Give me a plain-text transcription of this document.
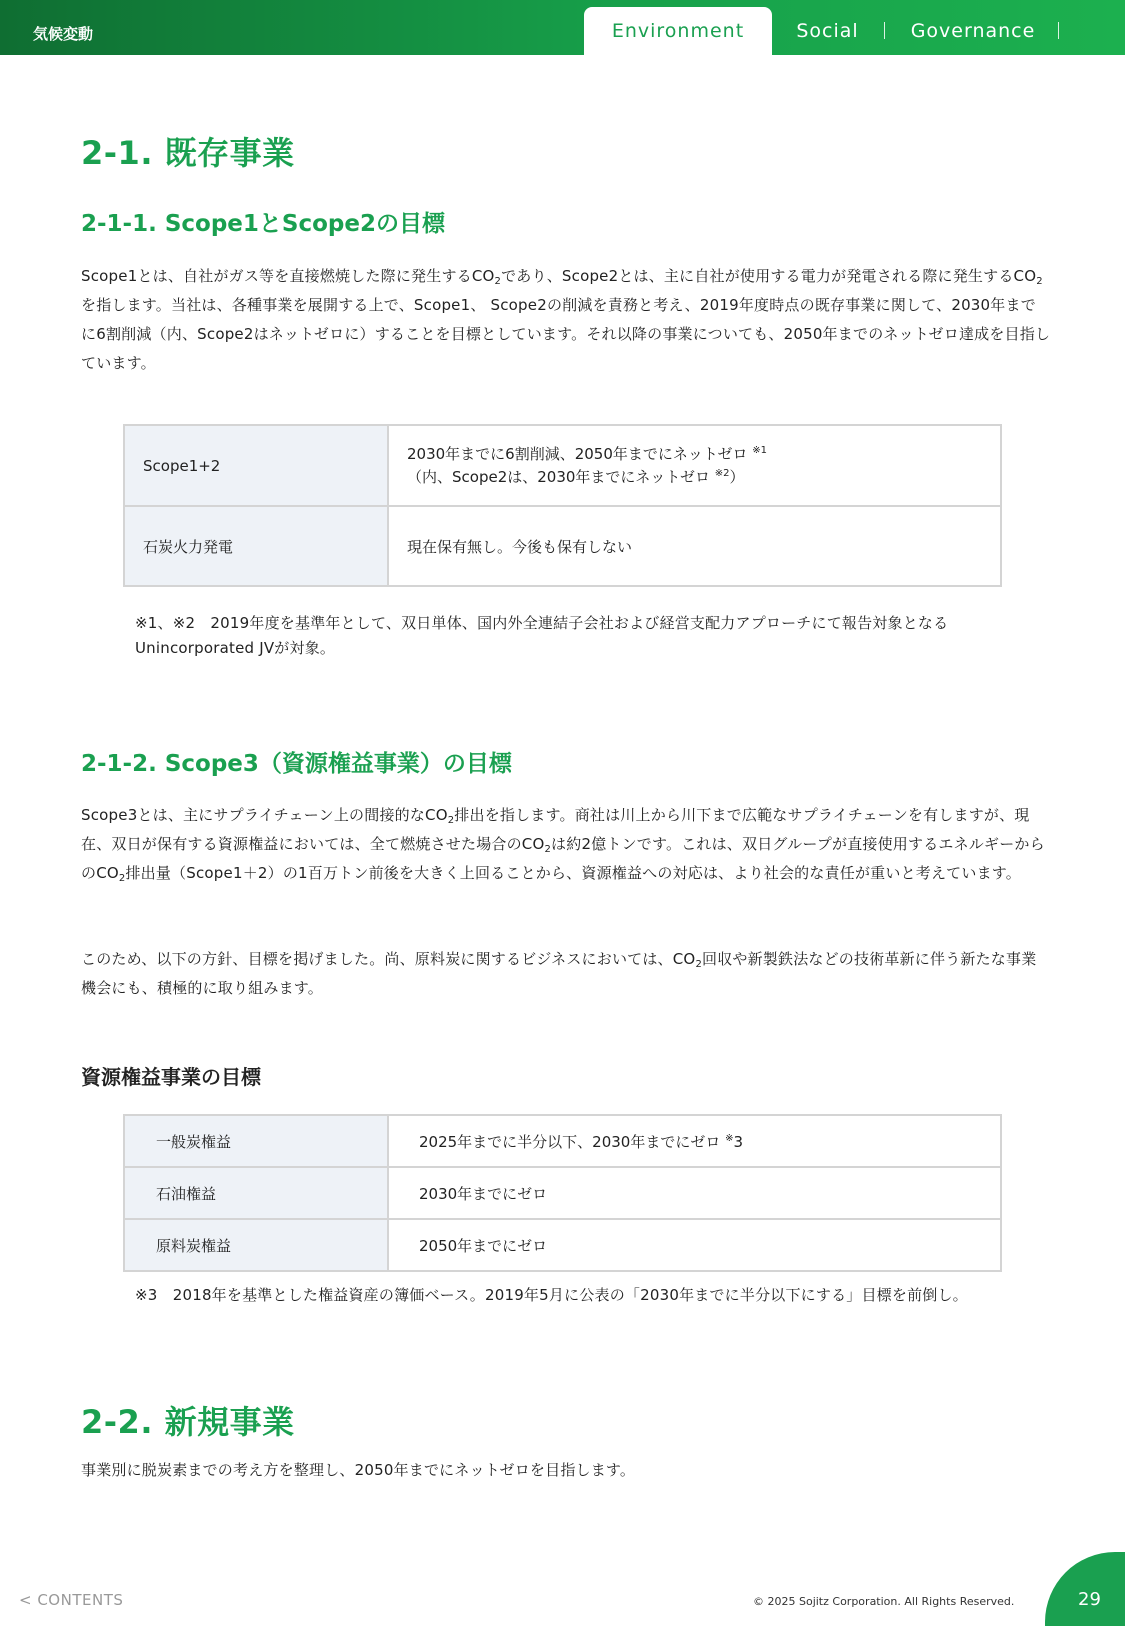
気候変動	Environment	Social	Governance
2-1. 既存事業
2-1-1. Scope1とScope2の目標
Scope1とは、自社がガス等を直接燃焼した際に発生する$CO_2$であり、Scope2とは、主に自社が使用する電力が発電される際に発生する$CO_2$を指します。当社は、各種事業を展開する上で、Scope1、 Scope2の削減を責務と考え、2019年度時点の既存事業に関して、2030年までに6割削減（内、Scope2はネットゼロに）することを目標としています。それ以降の事業についても、2050年までのネットゼロ達成を目指しています。
Scope1+2	2030年までに6割削減、2050年までにネットゼロ $^{※1}$
（内、Scope2は、2030年までにネットゼロ $^{※2}$）
石炭火力発電	現在保有無し。今後も保有しない
※1、※2　2019年度を基準年として、双日単体、国内外全連結子会社および経営支配力アプローチにて報告対象となるUnincorporated JVが対象。
2-1-2. Scope3（資源権益事業）の目標
Scope3とは、主にサプライチェーン上の間接的な$CO_2$排出を指します。商社は川上から川下まで広範なサプライチェーンを有しますが、現在、双日が保有する資源権益においては、全て燃焼させた場合の$CO_2$は約2億トンです。これは、双日グループが直接使用するエネルギーからの$CO_2$排出量（Scope1＋2）の1百万トン前後を大きく上回ることから、資源権益への対応は、より社会的な責任が重いと考えています。
このため、以下の方針、目標を掲げました。尚、原料炭に関するビジネスにおいては、$CO_2$回収や新製鉄法などの技術革新に伴う新たな事業機会にも、積極的に取り組みます。
資源権益事業の目標
一般炭権益	2025年までに半分以下、2030年までにゼロ ※3
石油権益	2030年までにゼロ
原料炭権益	2050年までにゼロ
※3　2018年を基準とした権益資産の簿価ベース。2019年5月に公表の「2030年までに半分以下にする」目標を前倒し。
2-2. 新規事業
事業別に脱炭素までの考え方を整理し、2050年までにネットゼロを目指します。
< CONTENTS	© 2025 Sojitz Corporation. All Rights Reserved.	29
